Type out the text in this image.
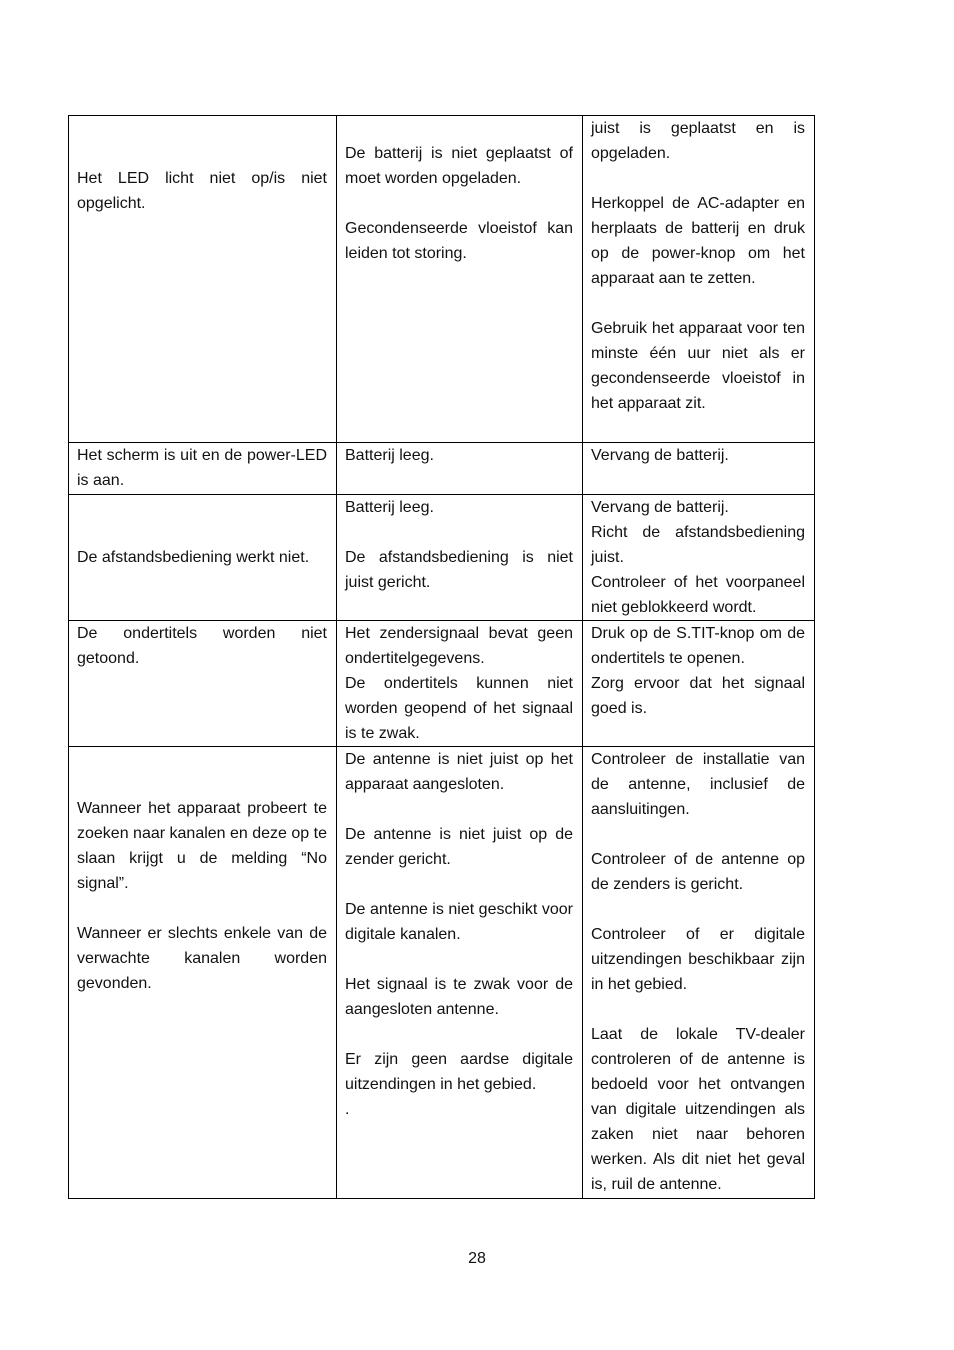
Het LED licht niet op/is niet opgelicht.
De batterij is niet geplaatst of moet worden opgeladen.

Gecondenseerde vloeistof kan leiden tot storing.
juist is geplaatst en is opgeladen.

Herkoppel de AC-adapter en herplaats de batterij en druk op de power-knop om het apparaat aan te zetten.

Gebruik het apparaat voor ten minste één uur niet als er gecondenseerde vloeistof in het apparaat zit.
Het scherm is uit en de power-LED is aan.
Batterij leeg.	Vervang de batterij.
De afstandsbediening werkt niet.
Batterij leeg.

De afstandsbediening is niet juist gericht.
Vervang de batterij.
Richt de afstandsbediening juist.
Controleer of het voorpaneel niet geblokkeerd wordt.
De ondertitels worden niet getoond.
Het zendersignaal bevat geen ondertitelgegevens.
De ondertitels kunnen niet worden geopend of het signaal is te zwak.
Druk op de S.TIT-knop om de ondertitels te openen.
Zorg ervoor dat het signaal goed is.
Wanneer het apparaat probeert te zoeken naar kanalen en deze op te slaan krijgt u de melding “No signal”.

Wanneer er slechts enkele van de verwachte kanalen worden gevonden.
De antenne is niet juist op het apparaat aangesloten.

De antenne is niet juist op de zender gericht.

De antenne is niet geschikt voor digitale kanalen.

Het signaal is te zwak voor de aangesloten antenne.

Er zijn geen aardse digitale uitzendingen in het gebied.
.
Controleer de installatie van de antenne, inclusief de aansluitingen.

Controleer of de antenne op de zenders is gericht.

Controleer of er digitale uitzendingen beschikbaar zijn in het gebied.

Laat de lokale TV-dealer controleren of de antenne is bedoeld voor het ontvangen van digitale uitzendingen als zaken niet naar behoren werken. Als dit niet het geval is, ruil de antenne.
28
